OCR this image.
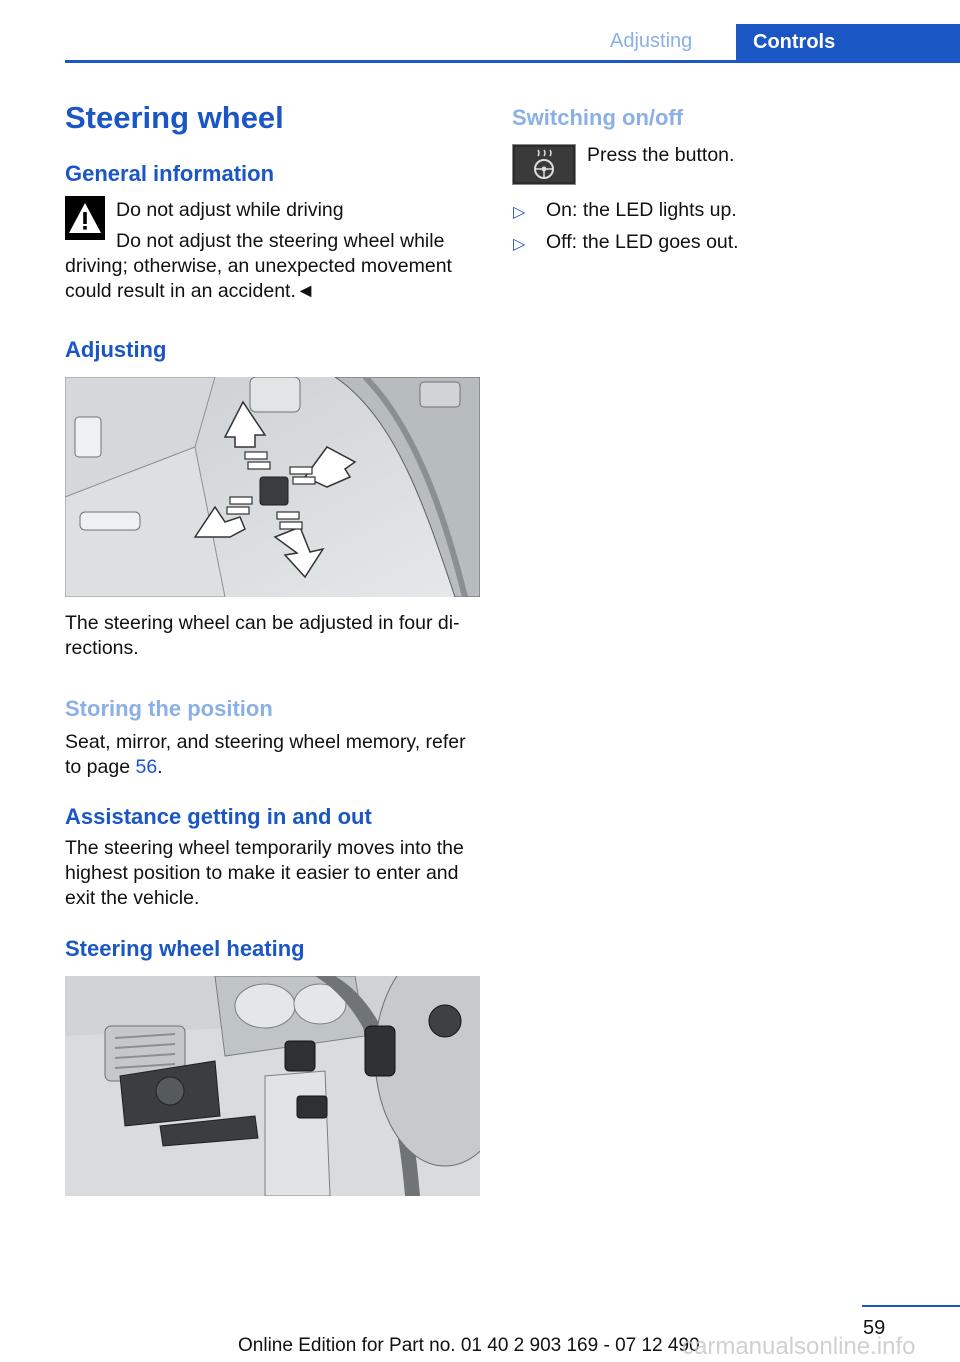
Adjusting	Controls
Steering wheel
General information
Do not adjust while driving
Do not adjust the steering wheel while
driving; otherwise, an unexpected movement
could result in an accident.◄
Adjusting
The steering wheel can be adjusted in four di-
rections.
Storing the position
Seat, mirror, and steering wheel memory, refer
to page 56.
Assistance getting in and out
The steering wheel temporarily moves into the
highest position to make it easier to enter and
exit the vehicle.
Steering wheel heating
Switching on/off
Press the button.
▷ On: the LED lights up.
▷ Off: the LED goes out.
59
Online Edition for Part no. 01 40 2 903 169 - 07 12 490
carmanualsonline.info
